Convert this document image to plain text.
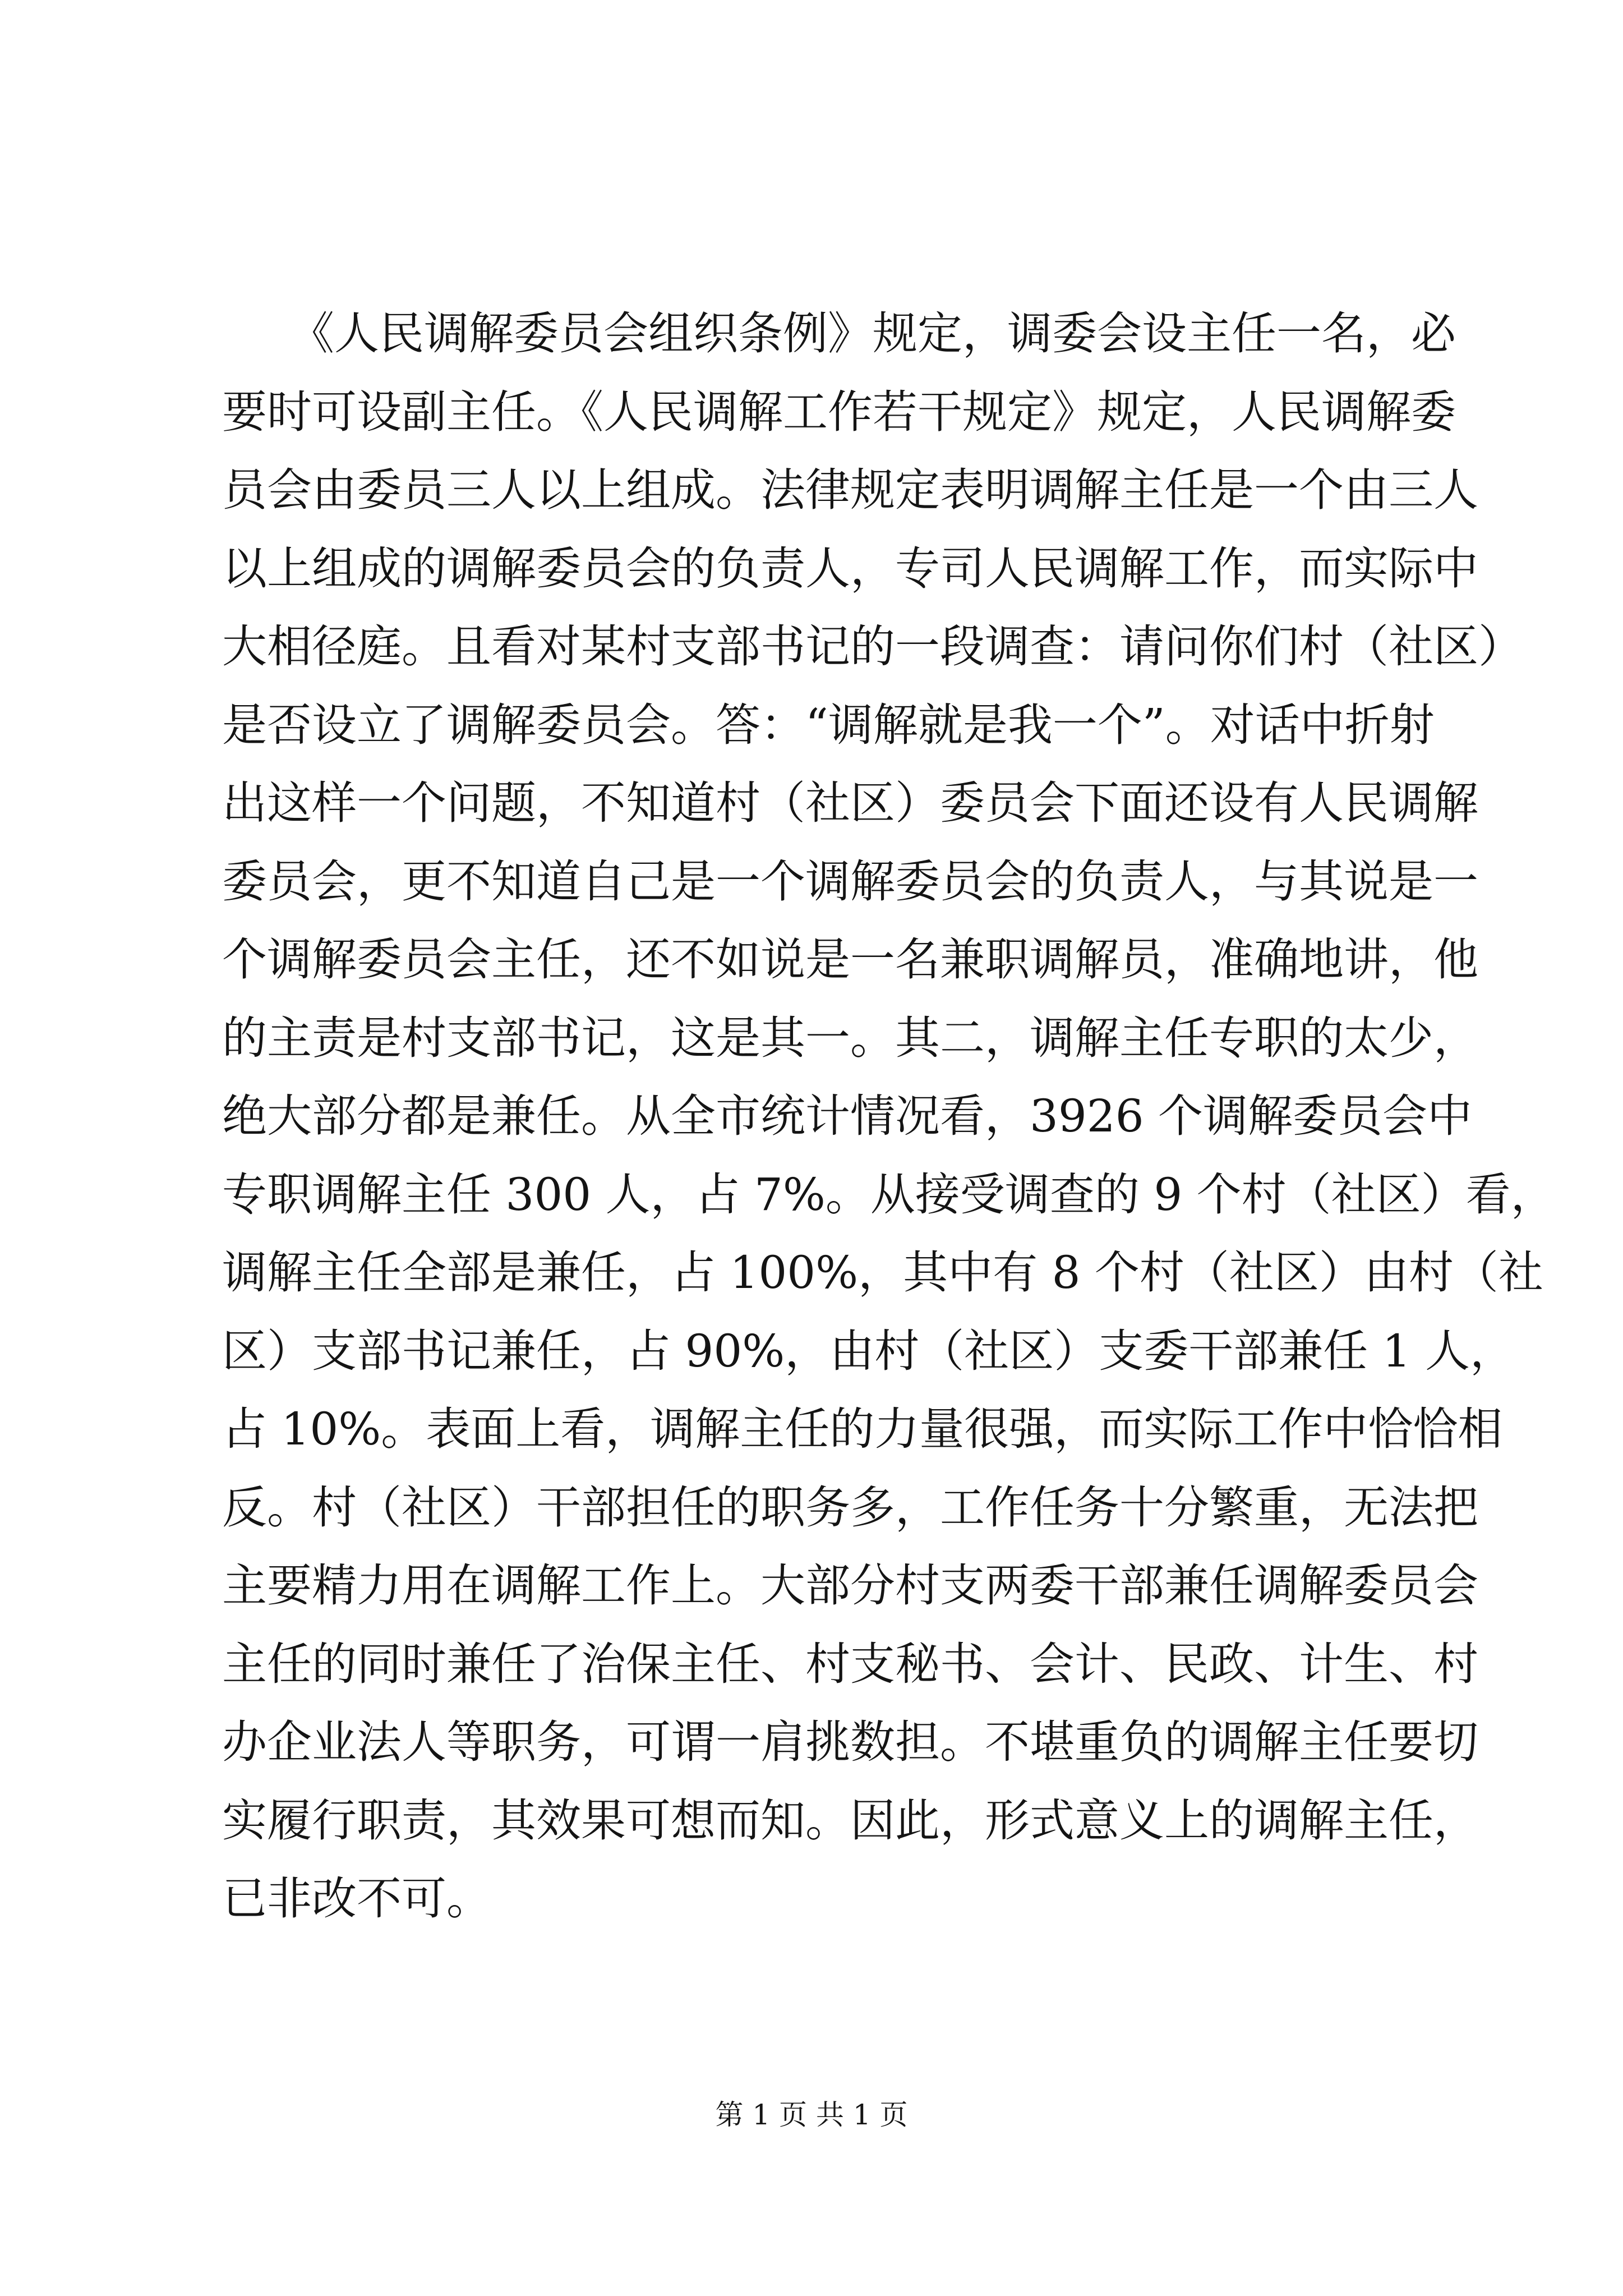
　　《人民调解委员会组织条例》规定，调委会设主任一名，必
要时可设副主任。《人民调解工作若干规定》规定，人民调解委
员会由委员三人以上组成。法律规定表明调解主任是一个由三人
以上组成的调解委员会的负责人，专司人民调解工作，而实际中
大相径庭。且看对某村支部书记的一段调查：请问你们村（社区）
是否设立了调解委员会。答：“调解就是我一个”。对话中折射
出这样一个问题，不知道村（社区）委员会下面还设有人民调解
委员会，更不知道自己是一个调解委员会的负责人，与其说是一
个调解委员会主任，还不如说是一名兼职调解员，准确地讲，他
的主责是村支部书记，这是其一。其二，调解主任专职的太少，
绝大部分都是兼任。从全市统计情况看，3926 个调解委员会中
专职调解主任 300 人，占 7%。从接受调查的 9 个村（社区）看，
调解主任全部是兼任，占 100%，其中有 8 个村（社区）由村（社
区）支部书记兼任，占 90%，由村（社区）支委干部兼任 1 人，
占 10%。表面上看，调解主任的力量很强，而实际工作中恰恰相
反。村（社区）干部担任的职务多，工作任务十分繁重，无法把
主要精力用在调解工作上。大部分村支两委干部兼任调解委员会
主任的同时兼任了治保主任、村支秘书、会计、民政、计生、村
办企业法人等职务，可谓一肩挑数担。不堪重负的调解主任要切
实履行职责，其效果可想而知。因此，形式意义上的调解主任，
已非改不可。
第 1 页 共 1 页
